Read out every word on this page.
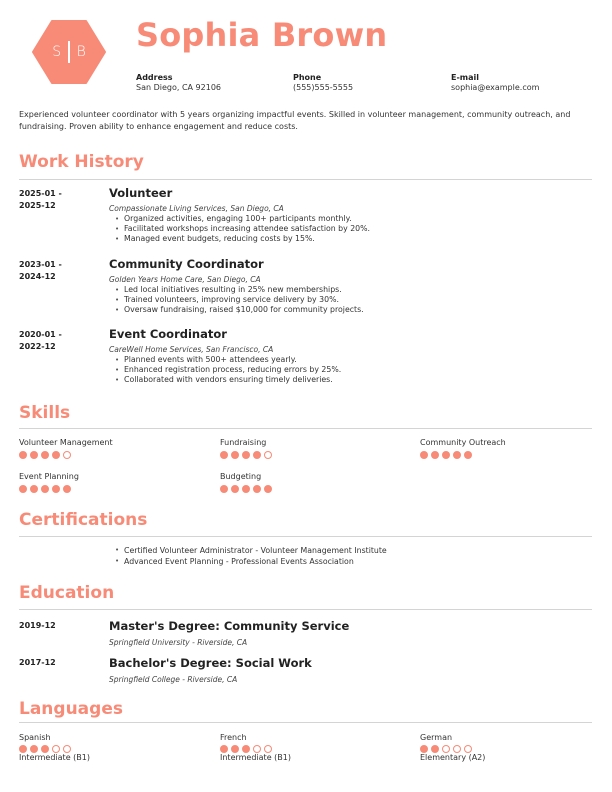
S B Sophia Brown
Address
San Diego, CA 92106
Phone
(555)555-5555
E-mail
sophia@example.com
Experienced volunteer coordinator with 5 years organizing impactful events. Skilled in volunteer management, community outreach, and fundraising. Proven ability to enhance engagement and reduce costs.
Work History
2025-01 -
2025-12
Volunteer
Compassionate Living Services, San Diego, CA
• Organized activities, engaging 100+ participants monthly.
• Facilitated workshops increasing attendee satisfaction by 20%.
• Managed event budgets, reducing costs by 15%.
2023-01 -
2024-12
Community Coordinator
Golden Years Home Care, San Diego, CA
• Led local initiatives resulting in 25% new memberships.
• Trained volunteers, improving service delivery by 30%.
• Oversaw fundraising, raised $10,000 for community projects.
2020-01 -
2022-12
Event Coordinator
CareWell Home Services, San Francisco, CA
• Planned events with 500+ attendees yearly.
• Enhanced registration process, reducing errors by 25%.
• Collaborated with vendors ensuring timely deliveries.
Skills
Volunteer Management	Fundraising	Community Outreach
Event Planning	Budgeting
Certifications
• Certified Volunteer Administrator - Volunteer Management Institute
• Advanced Event Planning - Professional Events Association
Education
2019-12	Master's Degree: Community Service
Springfield University - Riverside, CA
2017-12	Bachelor's Degree: Social Work
Springfield College - Riverside, CA
Languages
Spanish
Intermediate (B1)
French
Intermediate (B1)
German
Elementary (A2)
